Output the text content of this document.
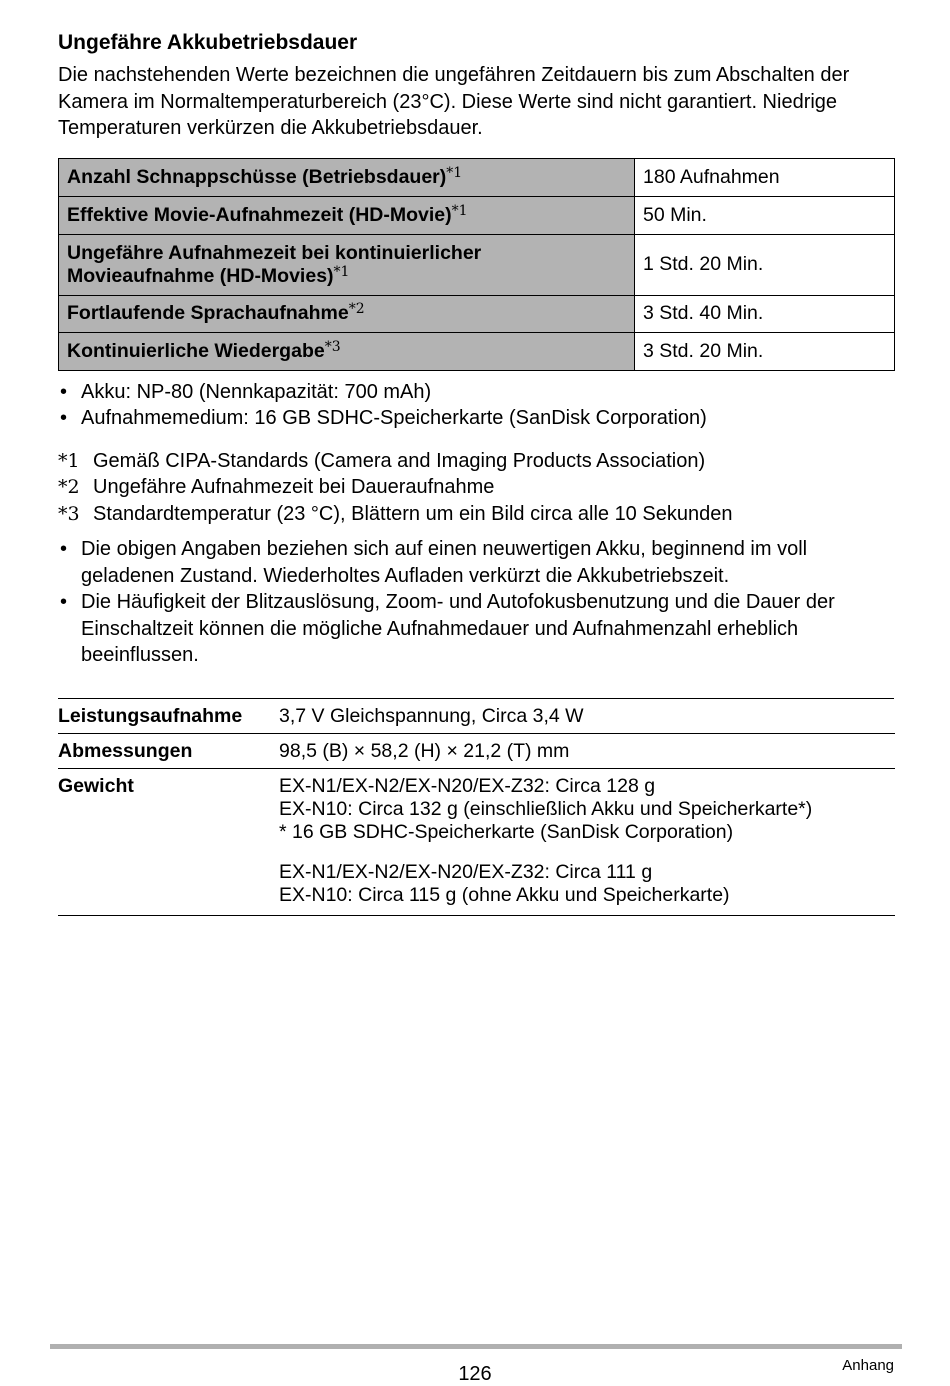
Ungefähre Akkubetriebsdauer

Die nachstehenden Werte bezeichnen die ungefähren Zeitdauern bis zum Abschalten der Kamera im Normaltemperaturbereich (23°C). Diese Werte sind nicht garantiert. Niedrige Temperaturen verkürzen die Akkubetriebsdauer.

Anzahl Schnappschüsse (Betriebsdauer)$^{*1}$	180 Aufnahmen
Effektive Movie-Aufnahmezeit (HD-Movie)$^{*1}$	50 Min.
Ungefähre Aufnahmezeit bei kontinuierlicher Movieaufnahme (HD-Movies)$^{*1}$	1 Std. 20 Min.
Fortlaufende Sprachaufnahme$^{*2}$	3 Std. 40 Min.
Kontinuierliche Wiedergabe$^{*3}$	3 Std. 20 Min.
• Akku: NP-80 (Nennkapazität: 700 mAh)
• Aufnahmemedium: 16 GB SDHC-Speicherkarte (SanDisk Corporation)
*1 Gemäß CIPA-Standards (Camera and Imaging Products Association)
*2 Ungefähre Aufnahmezeit bei Daueraufnahme
*3 Standardtemperatur (23 °C), Blättern um ein Bild circa alle 10 Sekunden
• Die obigen Angaben beziehen sich auf einen neuwertigen Akku, beginnend im voll geladenen Zustand. Wiederholtes Aufladen verkürzt die Akkubetriebszeit.
• Die Häufigkeit der Blitzauslösung, Zoom- und Autofokusbenutzung und die Dauer der Einschaltzeit können die mögliche Aufnahmedauer und Aufnahmenzahl erheblich beeinflussen.
Leistungsaufnahme	3,7 V Gleichspannung, Circa 3,4 W
Abmessungen	98,5 (B) × 58,2 (H) × 21,2 (T) mm
Gewicht	EX-N1/EX-N2/EX-N20/EX-Z32: Circa 128 g
EX-N10: Circa 132 g (einschließlich Akku und Speicherkarte*)
* 16 GB SDHC-Speicherkarte (SanDisk Corporation)
EX-N1/EX-N2/EX-N20/EX-Z32: Circa 111 g
EX-N10: Circa 115 g (ohne Akku und Speicherkarte)
126	Anhang
